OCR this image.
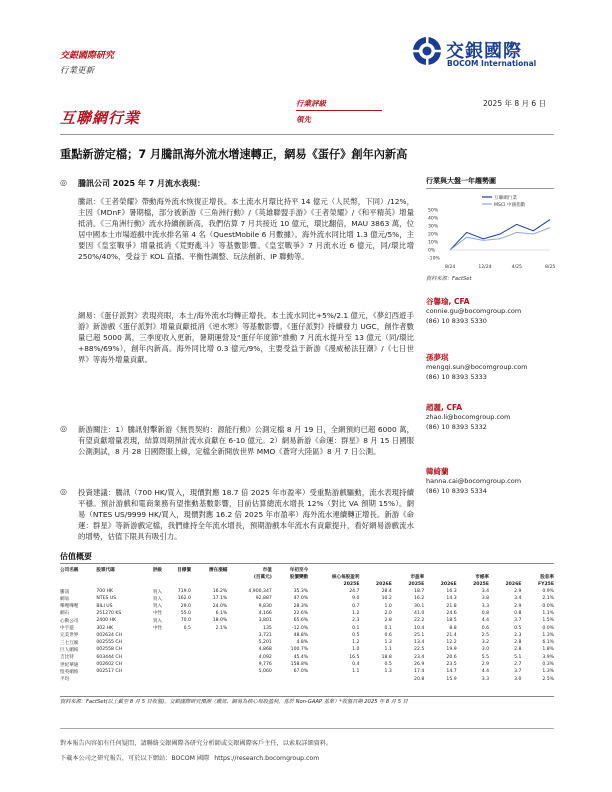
交銀國際研究
行業更新
交銀國際
BOCOM International
互聯網行業
行業評級
領先
2025 年 8 月 6 日
重點新游定檔；7 月騰訊海外流水增速轉正，網易《蛋仔》創年內新高
◎ 騰訊公司 2025 年 7 月流水表現：
騰訊：《王者榮耀》帶動海外流水恢復正增長。本土流水月環比持平 14 億元（人民幣，下同）/12%，主因《MDnF》暑期檔，部分被新游《三角洲行動》/《英雄聯盟手游》《王者榮耀》/《和平精英》增量抵消。《三角洲行動》流水持續創新高，我們估算 7 月共接近 10 億元，環比翻倍，MAU 3863 萬，位居中國本土市場遊戲中流水排名第 4 名（QuestMobile 6 月數據）。海外流水同比增 1.3 億元/5%，主要因《皇室戰爭》增量抵消《荒野亂斗》等基數影響。《皇室戰爭》7 月流水近 6 億元，同/環比增 250%/40%，受益于 KOL 直播、平衡性調整、玩法創新、IP 聯動等。
網易：《蛋仔派對》表現亮眼，本土/海外流水均轉正增長。本土流水同比+5%/2.1 億元，《夢幻西遊手游》新游戲《蛋仔派對》增量貢獻抵消《逆水寒》等基數影響。《蛋仔派對》持續發力 UGC，創作者數量已超 5000 萬，三季度收入更新，暑期運營及“蛋仔年度節”推動 7 月流水提升至 13 億元（同/環比+88%/69%），創年內新高。海外同比增 0.3 億元/9%，主要受益于新游《漫威秘法狂潮》/《七日世界》等海外增量貢獻。
◎ 新游關注：1）騰訊射擊新游《無畏契約：源能行動》公測定檔 8 月 19 日，全網預約已超 6000 萬，有望貢獻增量表現，結算周期預計流水貢獻在 6-10 億元。2）網易新游《命運：群星》8 月 15 日國服公測測試，8 月 28 日國際服上線，定檔全新開放世界 MMO《蒼穹大陸區》8 月 7 日公測。
◎ 投資建議：騰訊（700 HK/買入，現價對應 18.7 倍 2025 年市盈率）受重點游戲驅動，流水表現持續平穩。預計游戲和電商業務有望推動基數影響，目前估算總流水增長 12%（對比 VA 預期 15%）。網易（NTES US/9999 HK/買入，現價對應 16.2 倍 2025 年市盈率）海外流水連續轉正增長。新游《命運：群星》等新游戲定檔，我們維持全年流水增長，預期游戲本年流水有貢獻提升，看好網易游戲流水的增勢，估值下限具有吸引力。
行業與大盤一年趨勢圖
50%
40%
30%
20%
10%
0%
-10%
8/24	12/24	4/25	8/25
互聯網行業
MSCI 中國指數
資料來源：FactSet
谷馨瑜, CFA
connie.gu@bocomgroup.com
(86) 10 8393 5330
孫夢琪
mengqi.sun@bocomgroup.com
(86) 10 8393 5333
趙麗, CFA
zhao.li@bocomgroup.com
(86) 10 8393 5332
韓綺蘭
hanna.cai@bocomgroup.com
(86) 10 8393 5334
估值概要
公司名稱	股票代碼	評級	目標價	潛在漲幅	市值	年初至今							
					(百萬元)	股價變動	核心每股盈利		市盈率		市帳率		股息率
							2025E	2026E	2025E	2026E	2025E	2026E	FY25E
騰訊	700 HK	買入	719.0	16.2%	4,900,347	35.3%	24.7	28.4	18.7	16.3	3.4	2.9	0.9%
網易	NTES US	買入	162.0	17.1%	92,887	47.0%	9.0	10.2	16.2	14.3	3.8	3.4	2.1%
嗶哩嗶哩	BILI US	買入	29.0	24.0%	9,830	28.3%	0.7	1.0	30.1	21.8	3.3	2.9	0.0%
網石	251270 KS	中性	55.0	6.1%	4,166	22.6%	1.2	2.0	41.0	24.6	0.8	0.8	1.1%
心動公司	2400 HK	買入	70.0	18.0%	3,801	65.6%	2.3	2.8	22.2	18.5	4.4	3.7	1.5%
中手遊	302 HK	中性	0.5	2.1%	135	-12.0%	0.1	0.1	10.4	8.8	0.6	0.5	0.0%
完美世界	002624 CH				3,721	48.8%	0.5	0.6	25.1	21.4	2.5	2.3	1.3%
三七互娛	002555 CH				5,201	4.8%	1.2	1.3	13.4	12.2	3.2	2.8	6.1%
巨人網絡	002558 CH				4,868	100.7%	1.0	1.1	22.5	19.9	3.0	2.8	1.8%
吉比特	603444 CH				4,092	45.4%	16.5	18.8	23.4	20.6	5.5	5.1	3.9%
世紀華通	002602 CH				9,776	158.8%	0.4	0.5	26.9	23.5	2.9	2.7	0.3%
愷英網絡	002517 CH				5,060	67.0%	1.1	1.3	17.4	14.7	4.4	3.7	1.3%
平均									20.8	15.9	3.3	3.0	2.5%
資料來源：FactSet(以上截至 8 月 5 日收盤)，交銀國際研究預測（騰訊、網易為核心每股盈利，基於 Non-GAAP 基準）*收盤日期 2025 年 8 月 5 日
對本報告內容如有任何疑問，請聯絡交銀國際各研究分析師或交銀國際客戶主任，以索取詳細資料。
下載本公司之研究報告，可於以下網站：BOCOM 國際 https://research.bocomgroup.com
